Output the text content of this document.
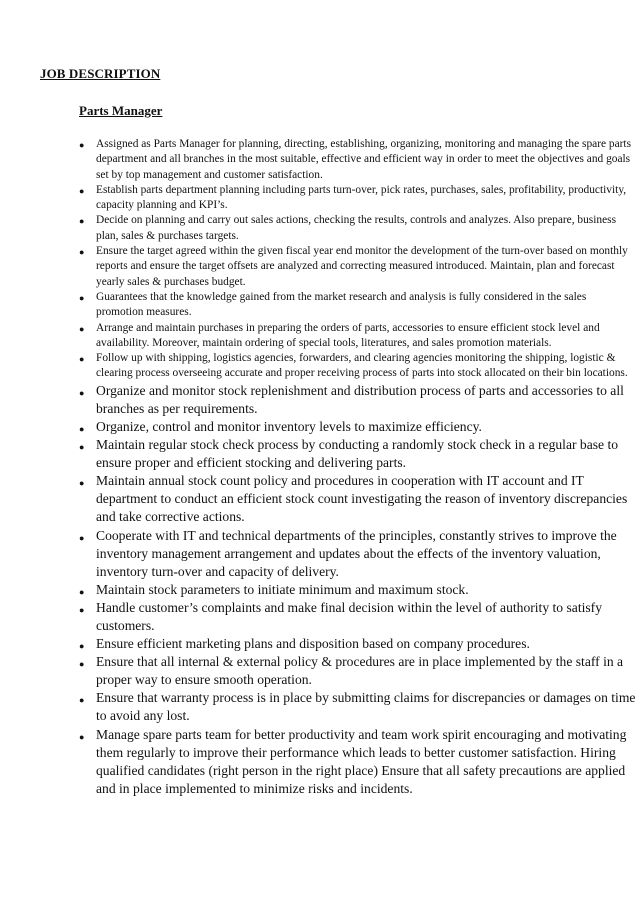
JOB DESCRIPTION
Parts Manager
● Assigned as Parts Manager for planning, directing, establishing, organizing, monitoring and managing the spare parts department and all branches in the most suitable, effective and efficient way in order to meet the objectives and goals set by top management and customer satisfaction.
● Establish parts department planning including parts turn-over, pick rates, purchases, sales, profitability, productivity, capacity planning and KPI’s.
● Decide on planning and carry out sales actions, checking the results, controls and analyzes. Also prepare, business plan, sales & purchases targets.
● Ensure the target agreed within the given fiscal year end monitor the development of the turn-over based on monthly reports and ensure the target offsets are analyzed and correcting measured introduced. Maintain, plan and forecast yearly sales & purchases budget.
● Guarantees that the knowledge gained from the market research and analysis is fully considered in the sales promotion measures.
● Arrange and maintain purchases in preparing the orders of parts, accessories to ensure efficient stock level and availability. Moreover, maintain ordering of special tools, literatures, and sales promotion materials.
● Follow up with shipping, logistics agencies, forwarders, and clearing agencies monitoring the shipping, logistic & clearing process overseeing accurate and proper receiving process of parts into stock allocated on their bin locations.
● Organize and monitor stock replenishment and distribution process of parts and accessories to all branches as per requirements.
● Organize, control and monitor inventory levels to maximize efficiency.
● Maintain regular stock check process by conducting a randomly stock check in a regular base to ensure proper and efficient stocking and delivering parts.
● Maintain annual stock count policy and procedures in cooperation with IT account and IT department to conduct an efficient stock count investigating the reason of inventory discrepancies and take corrective actions.
● Cooperate with IT and technical departments of the principles, constantly strives to improve the inventory management arrangement and updates about the effects of the inventory valuation, inventory turn-over and capacity of delivery.
● Maintain stock parameters to initiate minimum and maximum stock.
● Handle customer’s complaints and make final decision within the level of authority to satisfy customers.
● Ensure efficient marketing plans and disposition based on company procedures.
● Ensure that all internal & external policy & procedures are in place implemented by the staff in a proper way to ensure smooth operation.
● Ensure that warranty process is in place by submitting claims for discrepancies or damages on time to avoid any lost.
● Manage spare parts team for better productivity and team work spirit encouraging and motivating them regularly to improve their performance which leads to better customer satisfaction. Hiring qualified candidates (right person in the right place) Ensure that all safety precautions are applied and in place implemented to minimize risks and incidents.
